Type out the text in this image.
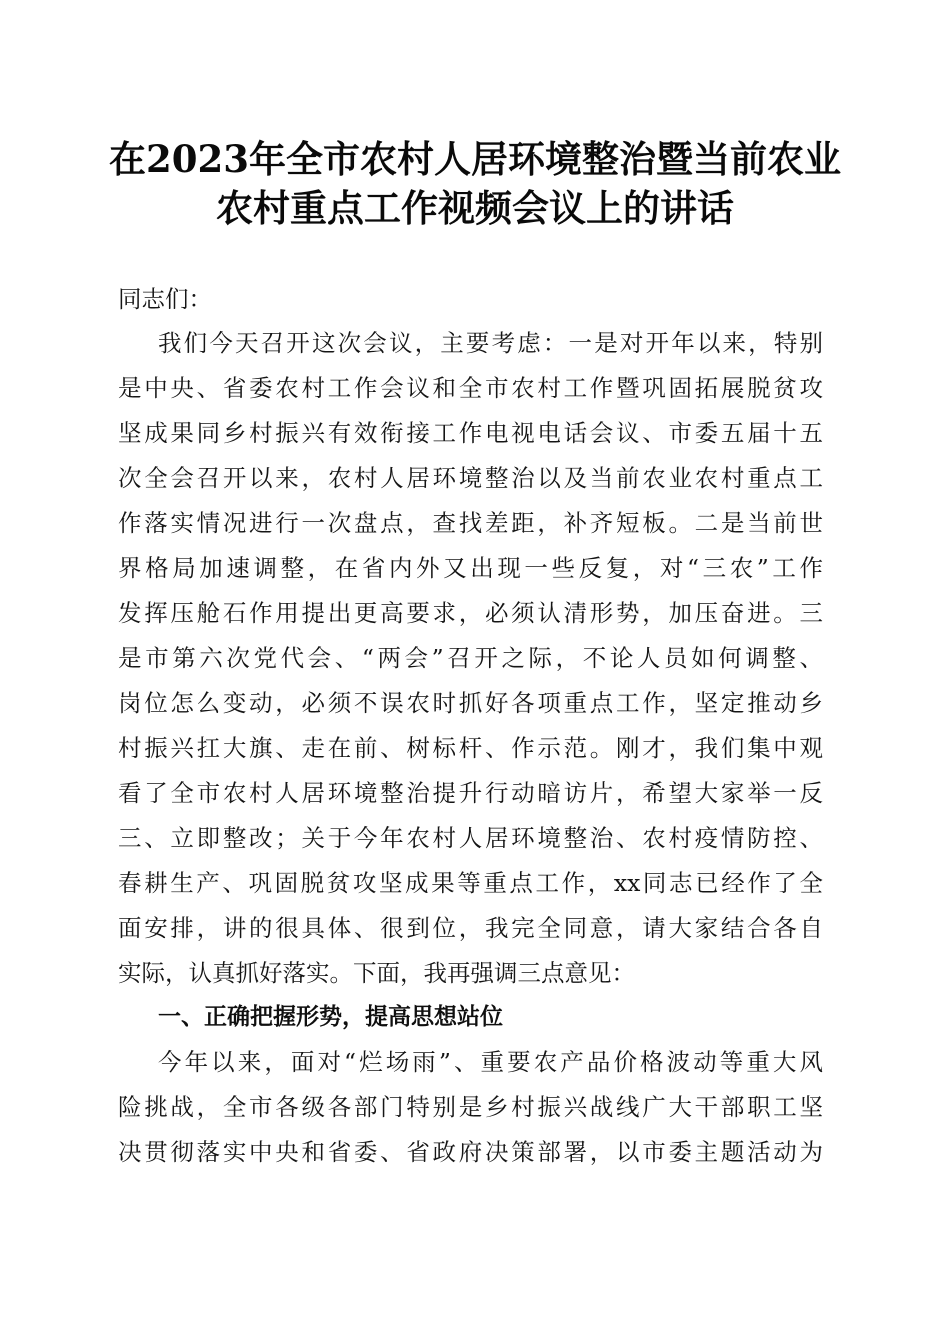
在2023年全市农村人居环境整治暨当前农业
农村重点工作视频会议上的讲话
同志们：
我们今天召开这次会议，主要考虑：一是对开年以来，特别
是中央、省委农村工作会议和全市农村工作暨巩固拓展脱贫攻
坚成果同乡村振兴有效衔接工作电视电话会议、市委五届十五
次全会召开以来，农村人居环境整治以及当前农业农村重点工
作落实情况进行一次盘点，查找差距，补齐短板。二是当前世
界格局加速调整，在省内外又出现一些反复，对“三农”工作
发挥压舱石作用提出更高要求，必须认清形势，加压奋进。三
是市第六次党代会、“两会”召开之际，不论人员如何调整、
岗位怎么变动，必须不误农时抓好各项重点工作，坚定推动乡
村振兴扛大旗、走在前、树标杆、作示范。刚才，我们集中观
看了全市农村人居环境整治提升行动暗访片，希望大家举一反
三、立即整改；关于今年农村人居环境整治、农村疫情防控、
春耕生产、巩固脱贫攻坚成果等重点工作，xx同志已经作了全
面安排，讲的很具体、很到位，我完全同意，请大家结合各自
实际，认真抓好落实。下面，我再强调三点意见：
一、正确把握形势，提高思想站位
今年以来，面对“烂场雨”、重要农产品价格波动等重大风
险挑战，全市各级各部门特别是乡村振兴战线广大干部职工坚
决贯彻落实中央和省委、省政府决策部署，以市委主题活动为
